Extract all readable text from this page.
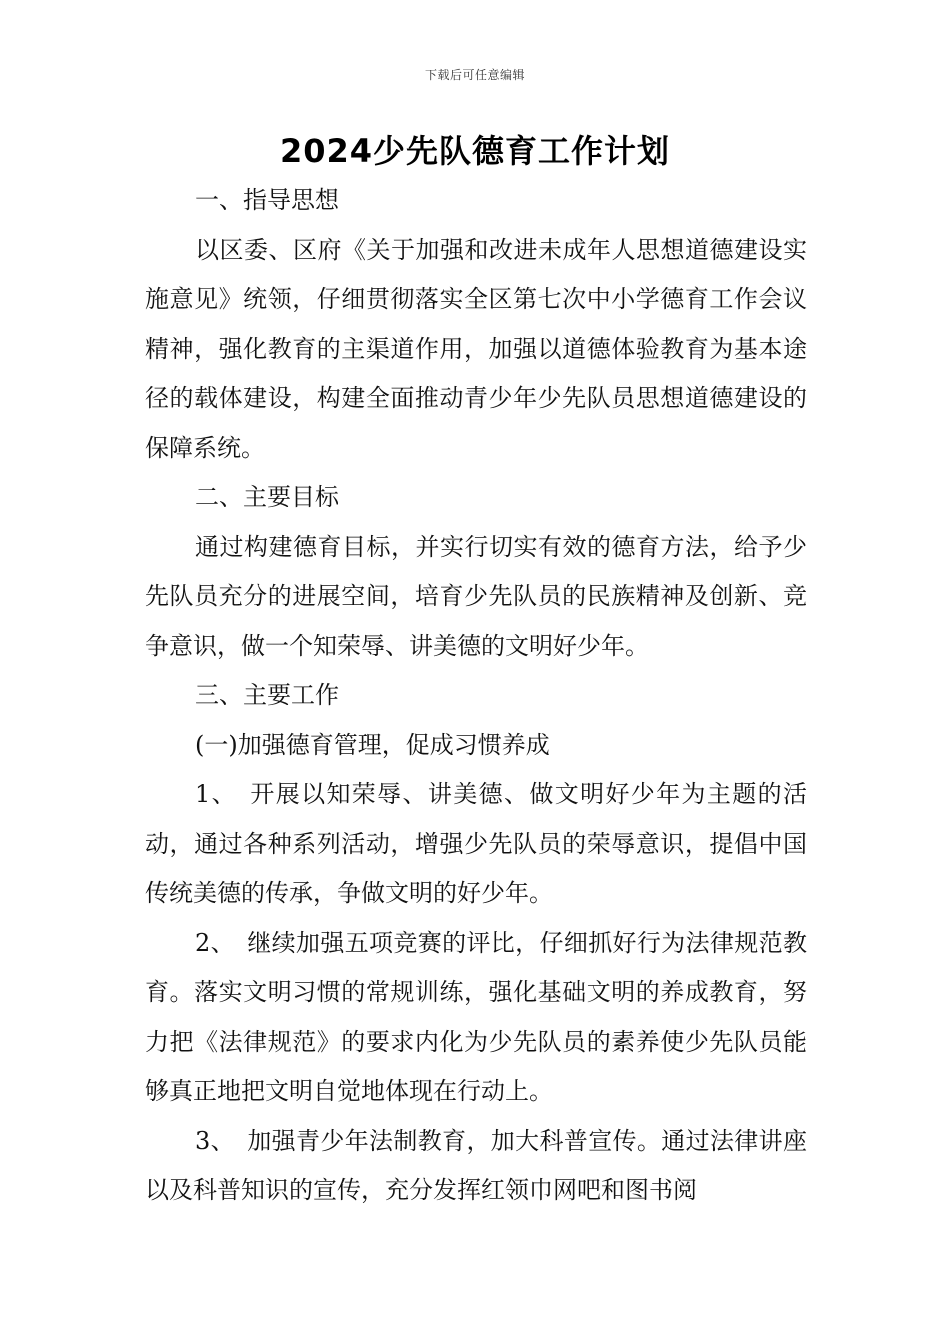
下载后可任意编辑
2024少先队德育工作计划

一、指导思想

以区委、区府《关于加强和改进未成年人思想道德建设实施意见》统领，仔细贯彻落实全区第七次中小学德育工作会议精神，强化教育的主渠道作用，加强以道德体验教育为基本途径的载体建设，构建全面推动青少年少先队员思想道德建设的保障系统。

二、主要目标

通过构建德育目标，并实行切实有效的德育方法，给予少先队员充分的进展空间，培育少先队员的民族精神及创新、竞争意识，做一个知荣辱、讲美德的文明好少年。

三、主要工作

(一)加强德育管理，促成习惯养成

1、　开展以知荣辱、讲美德、做文明好少年为主题的活动，通过各种系列活动，增强少先队员的荣辱意识，提倡中国传统美德的传承，争做文明的好少年。

2、　继续加强五项竞赛的评比，仔细抓好行为法律规范教育。落实文明习惯的常规训练，强化基础文明的养成教育，努力把《法律规范》的要求内化为少先队员的素养使少先队员能够真正地把文明自觉地体现在行动上。

3、　加强青少年法制教育，加大科普宣传。通过法律讲座以及科普知识的宣传，充分发挥红领巾网吧和图书阅
